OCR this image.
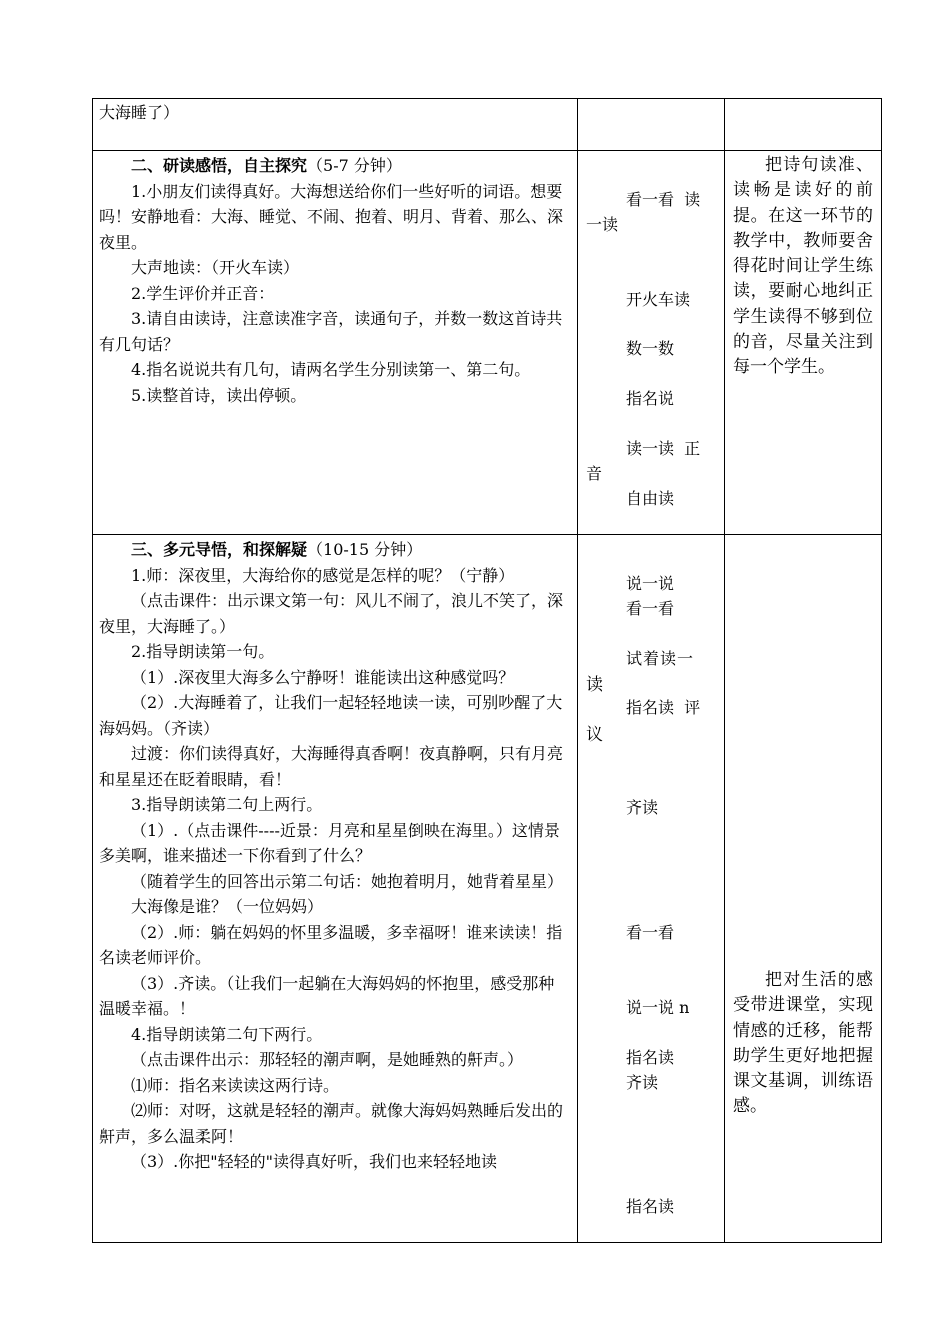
大海睡了）

二、研读感悟，自主探究（5-7 分钟）

1.小朋友们读得真好。大海想送给你们一些好听的词语。想要吗！安静地看：大海、睡觉、不闹、抱着、明月、背着、那么、深夜里。

大声地读：（开火车读）

2.学生评价并正音：

3.请自由读诗，注意读准字音，读通句子，并数一数这首诗共有几句话？

4.指名说说共有几句，请两名学生分别读第一、第二句。

5.读整首诗，读出停顿。

看一看  读
一读
开火车读
数一数
指名说
读一读  正
音
自由读

把诗句读准、读畅是读好的前提。在这一环节的教学中，教师要舍得花时间让学生练读，要耐心地纠正学生读得不够到位的音，尽量关注到每一个学生。

三、多元导悟，和探解疑（10-15 分钟）

1.师：深夜里，大海给你的感觉是怎样的呢？（宁静）

（点击课件：出示课文第一句：风儿不闹了，浪儿不笑了，深夜里，大海睡了。）

2.指导朗读第一句。

（1）.深夜里大海多么宁静呀！谁能读出这种感觉吗？

（2）.大海睡着了，让我们一起轻轻地读一读，可别吵醒了大海妈妈。（齐读）

过渡：你们读得真好，大海睡得真香啊！夜真静啊，只有月亮和星星还在眨着眼睛，看！

3.指导朗读第二句上两行。

（1）.（点击课件----近景：月亮和星星倒映在海里。）这情景多美啊，谁来描述一下你看到了什么？

（随着学生的回答出示第二句话：她抱着明月，她背着星星）

大海像是谁？（一位妈妈）

（2）.师：躺在妈妈的怀里多温暖，多幸福呀！谁来读读！指名读老师评价。

（3）.齐读。（让我们一起躺在大海妈妈的怀抱里，感受那种温暖幸福。！

4.指导朗读第二句下两行。

（点击课件出示：那轻轻的潮声啊，是她睡熟的鼾声。）

⑴师：指名来读读这两行诗。

⑵师：对呀，这就是轻轻的潮声。就像大海妈妈熟睡后发出的鼾声，多么温柔阿！

（3）.你把"轻轻的"读得真好听，我们也来轻轻地读

读
议
说一说
看一看
试着读一
指名读  评
齐读
看一看
说一说 n
指名读
齐读
指名读

把对生活的感受带进课堂，实现情感的迁移，能帮助学生更好地把握课文基调，训练语感。
